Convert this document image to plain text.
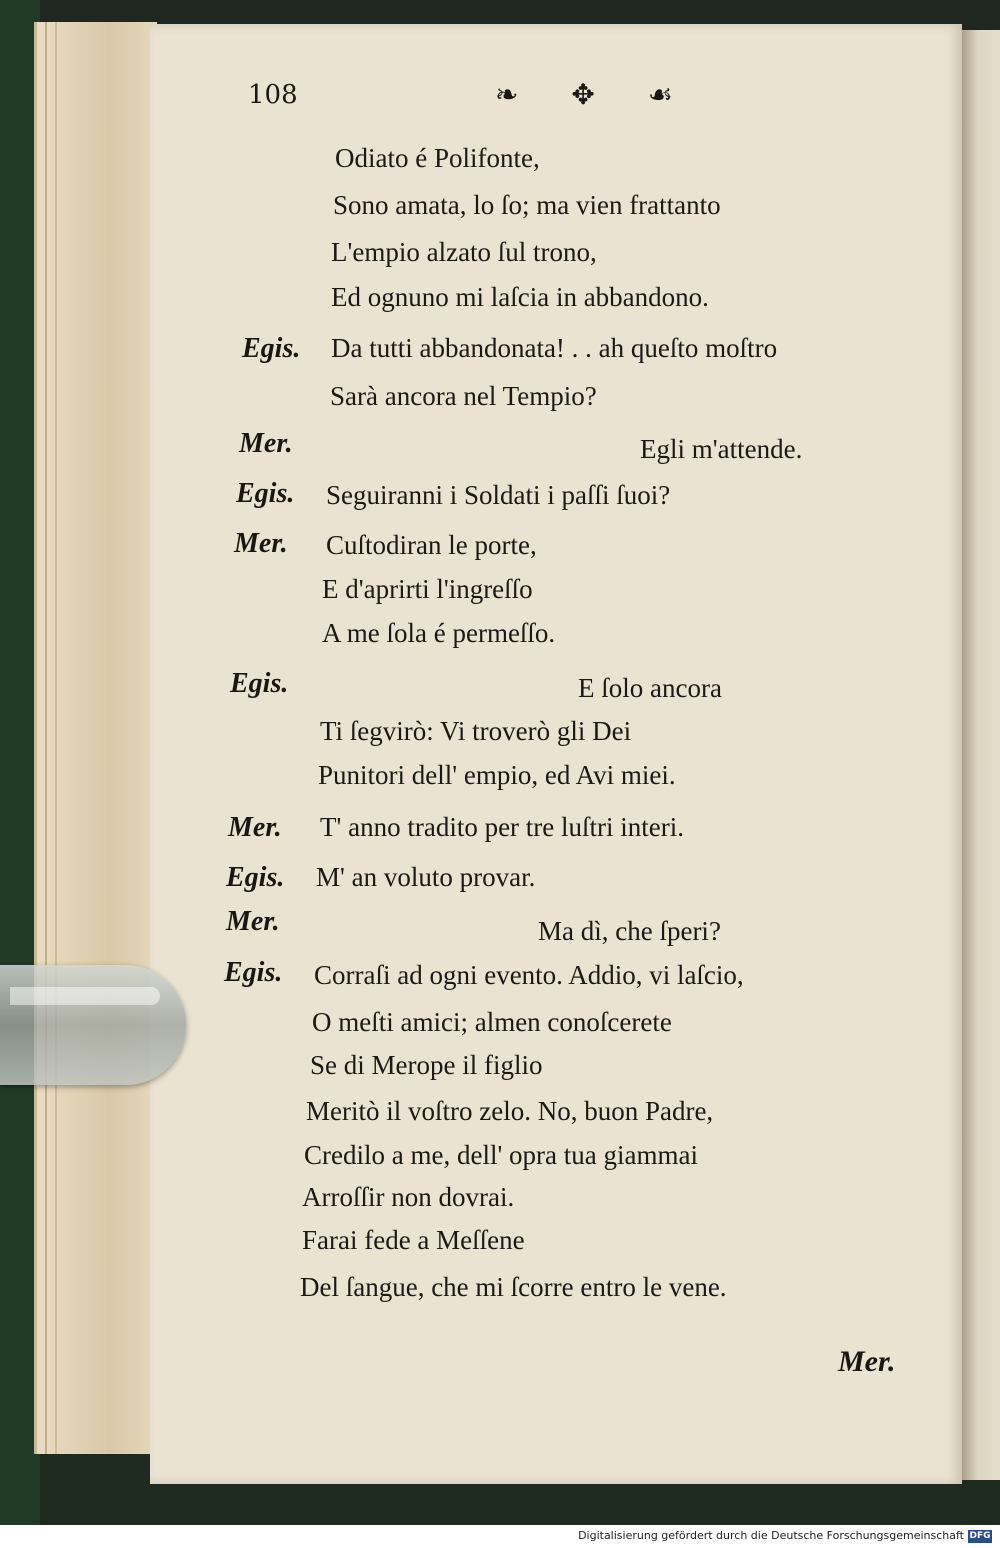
108	❧ ✥ ☙
Odiato é Polifonte,
Sono amata, lo ſo; ma vien frattanto
L'empio alzato ſul trono,
Ed ognuno mi laſcia in abbandono.
Egis. Da tutti abbandonata! . . ah queſto moſtro
Sarà ancora nel Tempio?
Mer.	Egli m'attende.
Egis. Seguiranni i Soldati i paſſi ſuoi?
Mer. Cuſtodiran le porte,
E d'aprirti l'ingreſſo
A me ſola é permeſſo.
Egis.	E ſolo ancora
Ti ſegvirò: Vi troverò gli Dei
Punitori dell' empio, ed Avi miei.
Mer. T' anno tradito per tre luſtri interi.
Egis. M' an voluto provar.
Mer.	Ma dì, che ſperi?
Egis. Corraſi ad ogni evento. Addio, vi laſcio,
O meſti amici; almen conoſcerete
Se di Merope il figlio
Meritò il voſtro zelo. No, buon Padre,
Credilo a me, dell' opra tua giammai
Arroſſir non dovrai.
Farai fede a Meſſene
Del ſangue, che mi ſcorre entro le vene.
Mer.
Digitalisierung gefördert durch die Deutsche Forschungsgemeinschaft DFG
